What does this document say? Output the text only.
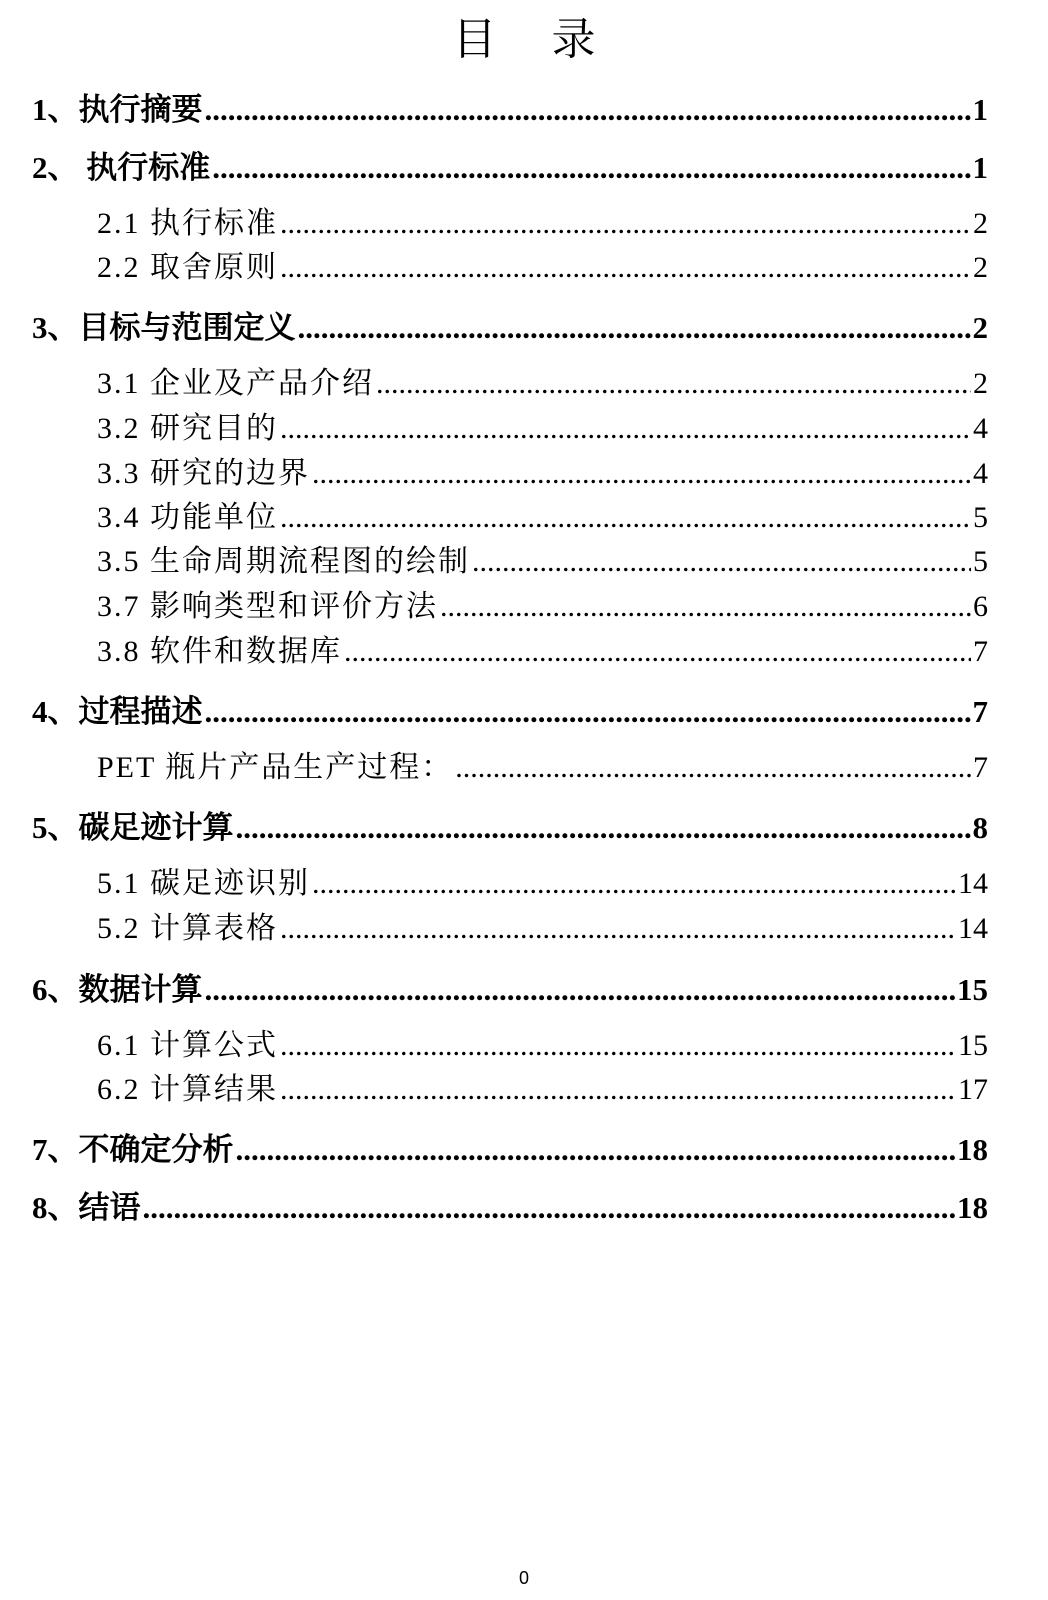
目 录
1、执行摘要 .....	1
2、 执行标准 .....	1
2.1 执行标准 .....	2
2.2 取舍原则 .....	2
3、目标与范围定义 .....	2
3.1 企业及产品介绍 .....	2
3.2 研究目的 .....	4
3.3 研究的边界 .....	4
3.4 功能单位 .....	5
3.5 生命周期流程图的绘制 .....	5
3.7 影响类型和评价方法 .....	6
3.8 软件和数据库 .....	7
4、过程描述 .....	7
PET 瓶片产品生产过程： .....	7
5、碳足迹计算 .....	8
5.1 碳足迹识别 .....	14
5.2 计算表格 .....	14
6、数据计算 .....	15
6.1 计算公式 .....	15
6.2 计算结果 .....	17
7、不确定分析 .....	18
8、结语 .....	18
0
